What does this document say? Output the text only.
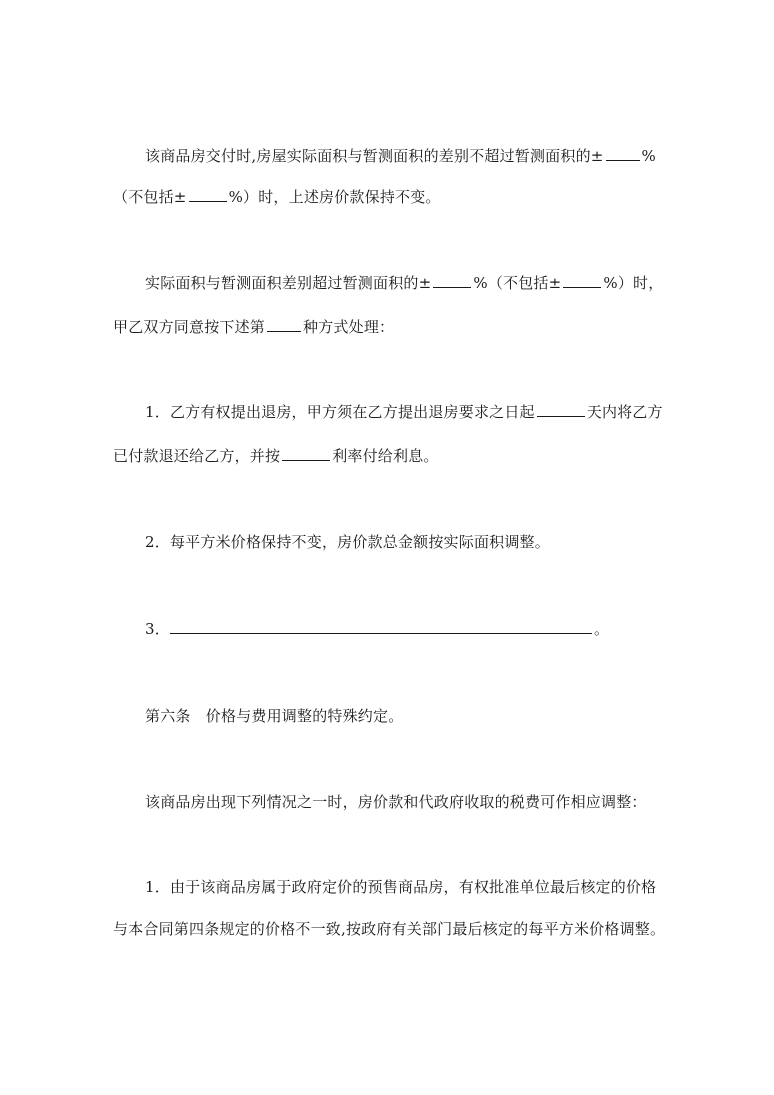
该商品房交付时,房屋实际面积与暂测面积的差别不超过暂测面积的±	%
（不包括±	%）时，上述房价款保持不变。
实际面积与暂测面积差别超过暂测面积的±	%（不包括±	%）时，
甲乙双方同意按下述第	种方式处理：
1．乙方有权提出退房，甲方须在乙方提出退房要求之日起	天内将乙方
已付款退还给乙方，并按	利率付给利息。
2．每平方米价格保持不变，房价款总金额按实际面积调整。
3．	。
第六条　价格与费用调整的特殊约定。
该商品房出现下列情况之一时，房价款和代政府收取的税费可作相应调整：
1．由于该商品房属于政府定价的预售商品房，有权批准单位最后核定的价格
与本合同第四条规定的价格不一致,按政府有关部门最后核定的每平方米价格调整。
